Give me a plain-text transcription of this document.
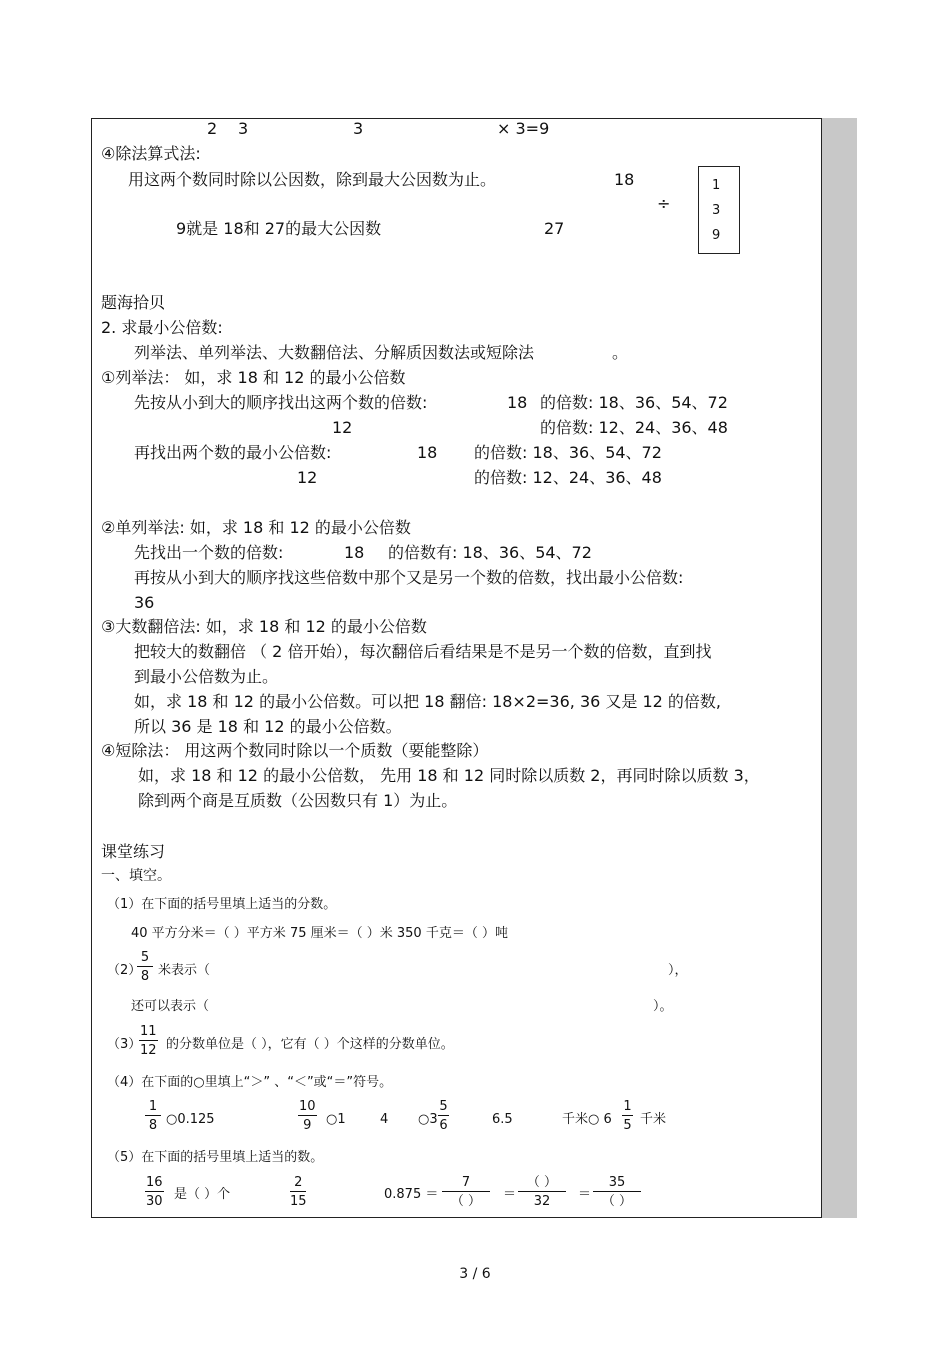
2 3	3	× 3=9
④除法算式法:
用这两个数同时除以公因数，除到最大公因数为止。	18
÷
9就是 18和 27的最大公因数	27
1
3
9
题海拾贝
2. 求最小公倍数:
列举法、单列举法、大数翻倍法、分解质因数法或短除法	。
①列举法： 如，求 18 和 12 的最小公倍数
先按从小到大的顺序找出这两个数的倍数:	18 的倍数: 18、36、54、72
12	的倍数: 12、24、36、48
再找出两个数的最小公倍数:	18 的倍数: 18、36、54、72
12	的倍数: 12、24、36、48
②单列举法: 如，求 18 和 12 的最小公倍数
先找出一个数的倍数:	18 的倍数有: 18、36、54、72
再按从小到大的顺序找这些倍数中那个又是另一个数的倍数，找出最小公倍数:
36
③大数翻倍法: 如，求 18 和 12 的最小公倍数
把较大的数翻倍 （ 2 倍开始），每次翻倍后看结果是不是另一个数的倍数，直到找
到最小公倍数为止。
如，求 18 和 12 的最小公倍数。可以把 18 翻倍: 18×2=36, 36 又是 12 的倍数,
所以 36 是 18 和 12 的最小公倍数。
④短除法： 用这两个数同时除以一个质数（要能整除）
如，求 18 和 12 的最小公倍数， 先用 18 和 12 同时除以质数 2，再同时除以质数 3，
除到两个商是互质数（公因数只有 1）为止。
课堂练习
一、填空。
（1）在下面的括号里填上适当的分数。
40 平方分米＝（ ）平方米 75 厘米＝（ ）米 350 千克＝（ ）吨
（2）
$\frac{5}{8}$ 米表示（	），
还可以表示（	）。
（3）
$\frac{11}{12}$ 的分数单位是（ ），它有（ ）个这样的分数单位。
（4）在下面的○里填上“＞” 、“＜”或“＝”符号。
$\frac{1}{8}$ ○0.125	$\frac{10}{9}$ ○1	4 ○3 $\frac{5}{6}$	6.5	千米○ $6 \frac{1}{5}$ 千米
（5）在下面的括号里填上适当的数。
$\frac{16}{30}$ 是（ ）个	$\frac{2}{15}$	0.875 ＝
7
（ ）	＝
（ ）
32	＝
35
（ ）
3 / 6
